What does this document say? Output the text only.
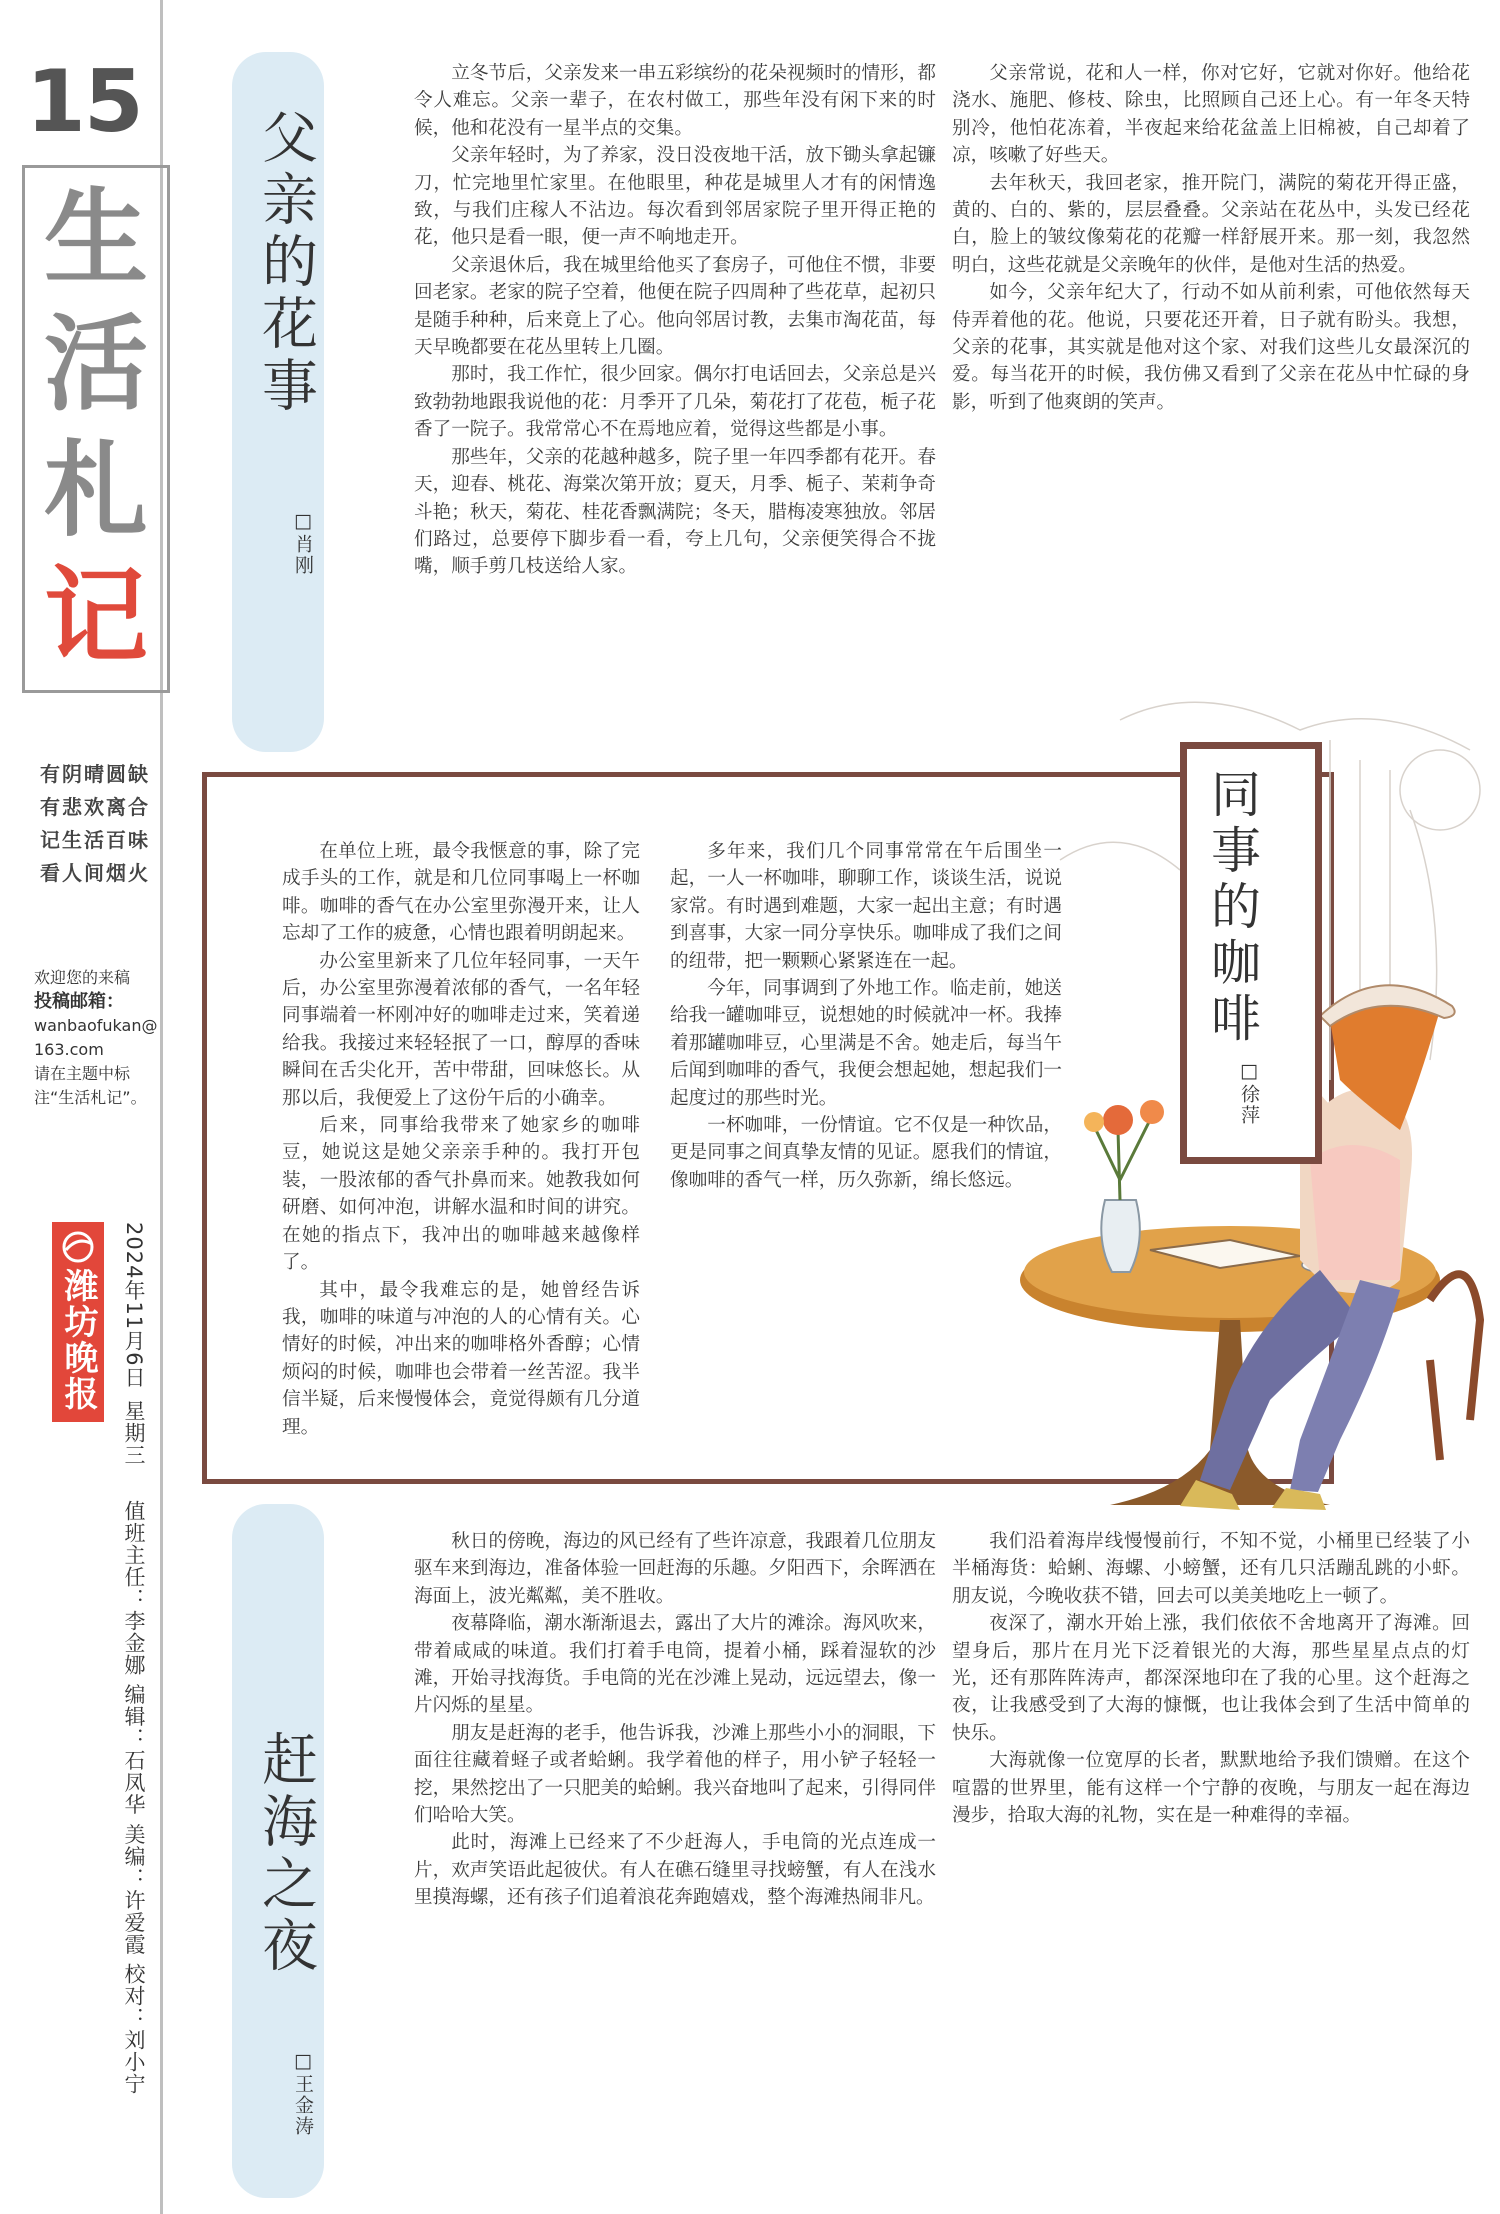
15
生
活
札
记
有阴晴圆缺
有悲欢离合
记生活百味
看人间烟火
欢迎您的来稿
投稿邮箱：
wanbaofukan@163.com
请在主题中标注“生活札记”。
潍坊晚报 2024年11月6日
星期三
值班主任：李金娜 编辑：石凤华 美编：许爱霞 校对：刘小宁
父亲的花事
□肖刚

立冬节后，父亲发来一串五彩缤纷的花朵视频时的情形，都令人难忘。父亲一辈子，在农村做工，那些年没有闲下来的时候，他和花没有一星半点的交集。

父亲年轻时，为了养家，没日没夜地干活，放下锄头拿起镰刀，忙完地里忙家里。在他眼里，种花是城里人才有的闲情逸致，与我们庄稼人不沾边。每次看到邻居家院子里开得正艳的花，他只是看一眼，便一声不响地走开。

父亲退休后，我在城里给他买了套房子，可他住不惯，非要回老家。老家的院子空着，他便在院子四周种了些花草，起初只是随手种种，后来竟上了心。他向邻居讨教，去集市淘花苗，每天早晚都要在花丛里转上几圈。

那时，我工作忙，很少回家。偶尔打电话回去，父亲总是兴致勃勃地跟我说他的花：月季开了几朵，菊花打了花苞，栀子花香了一院子。我常常心不在焉地应着，觉得这些都是小事。

那些年，父亲的花越种越多，院子里一年四季都有花开。春天，迎春、桃花、海棠次第开放；夏天，月季、栀子、茉莉争奇斗艳；秋天，菊花、桂花香飘满院；冬天，腊梅凌寒独放。邻居们路过，总要停下脚步看一看，夸上几句，父亲便笑得合不拢嘴，顺手剪几枝送给人家。

父亲常说，花和人一样，你对它好，它就对你好。他给花浇水、施肥、修枝、除虫，比照顾自己还上心。有一年冬天特别冷，他怕花冻着，半夜起来给花盆盖上旧棉被，自己却着了凉，咳嗽了好些天。

去年秋天，我回老家，推开院门，满院的菊花开得正盛，黄的、白的、紫的，层层叠叠。父亲站在花丛中，头发已经花白，脸上的皱纹像菊花的花瓣一样舒展开来。那一刻，我忽然明白，这些花就是父亲晚年的伙伴，是他对生活的热爱。

如今，父亲年纪大了，行动不如从前利索，可他依然每天侍弄着他的花。他说，只要花还开着，日子就有盼头。我想，父亲的花事，其实就是他对这个家、对我们这些儿女最深沉的爱。每当花开的时候，我仿佛又看到了父亲在花丛中忙碌的身影，听到了他爽朗的笑声。

在单位上班，最令我惬意的事，除了完成手头的工作，就是和几位同事喝上一杯咖啡。咖啡的香气在办公室里弥漫开来，让人忘却了工作的疲惫，心情也跟着明朗起来。

办公室里新来了几位年轻同事，一天午后，办公室里弥漫着浓郁的香气，一名年轻同事端着一杯刚冲好的咖啡走过来，笑着递给我。我接过来轻轻抿了一口，醇厚的香味瞬间在舌尖化开，苦中带甜，回味悠长。从那以后，我便爱上了这份午后的小确幸。

后来，同事给我带来了她家乡的咖啡豆，她说这是她父亲亲手种的。我打开包装，一股浓郁的香气扑鼻而来。她教我如何研磨、如何冲泡，讲解水温和时间的讲究。在她的指点下，我冲出的咖啡越来越像样了。

其中，最令我难忘的是，她曾经告诉我，咖啡的味道与冲泡的人的心情有关。心情好的时候，冲出来的咖啡格外香醇；心情烦闷的时候，咖啡也会带着一丝苦涩。我半信半疑，后来慢慢体会，竟觉得颇有几分道理。

多年来，我们几个同事常常在午后围坐一起，一人一杯咖啡，聊聊工作，谈谈生活，说说家常。有时遇到难题，大家一起出主意；有时遇到喜事，大家一同分享快乐。咖啡成了我们之间的纽带，把一颗颗心紧紧连在一起。

今年，同事调到了外地工作。临走前，她送给我一罐咖啡豆，说想她的时候就冲一杯。我捧着那罐咖啡豆，心里满是不舍。她走后，每当午后闻到咖啡的香气，我便会想起她，想起我们一起度过的那些时光。

一杯咖啡，一份情谊。它不仅是一种饮品，更是同事之间真挚友情的见证。愿我们的情谊，像咖啡的香气一样，历久弥新，绵长悠远。

同事的咖啡
□徐萍
赶海之夜
□王金涛

秋日的傍晚，海边的风已经有了些许凉意，我跟着几位朋友驱车来到海边，准备体验一回赶海的乐趣。夕阳西下，余晖洒在海面上，波光粼粼，美不胜收。

夜幕降临，潮水渐渐退去，露出了大片的滩涂。海风吹来，带着咸咸的味道。我们打着手电筒，提着小桶，踩着湿软的沙滩，开始寻找海货。手电筒的光在沙滩上晃动，远远望去，像一片闪烁的星星。

朋友是赶海的老手，他告诉我，沙滩上那些小小的洞眼，下面往往藏着蛏子或者蛤蜊。我学着他的样子，用小铲子轻轻一挖，果然挖出了一只肥美的蛤蜊。我兴奋地叫了起来，引得同伴们哈哈大笑。

此时，海滩上已经来了不少赶海人，手电筒的光点连成一片，欢声笑语此起彼伏。有人在礁石缝里寻找螃蟹，有人在浅水里摸海螺，还有孩子们追着浪花奔跑嬉戏，整个海滩热闹非凡。

我们沿着海岸线慢慢前行，不知不觉，小桶里已经装了小半桶海货：蛤蜊、海螺、小螃蟹，还有几只活蹦乱跳的小虾。朋友说，今晚收获不错，回去可以美美地吃上一顿了。

夜深了，潮水开始上涨，我们依依不舍地离开了海滩。回望身后，那片在月光下泛着银光的大海，那些星星点点的灯光，还有那阵阵涛声，都深深地印在了我的心里。这个赶海之夜，让我感受到了大海的慷慨，也让我体会到了生活中简单的快乐。

大海就像一位宽厚的长者，默默地给予我们馈赠。在这个喧嚣的世界里，能有这样一个宁静的夜晚，与朋友一起在海边漫步，拾取大海的礼物，实在是一种难得的幸福。
